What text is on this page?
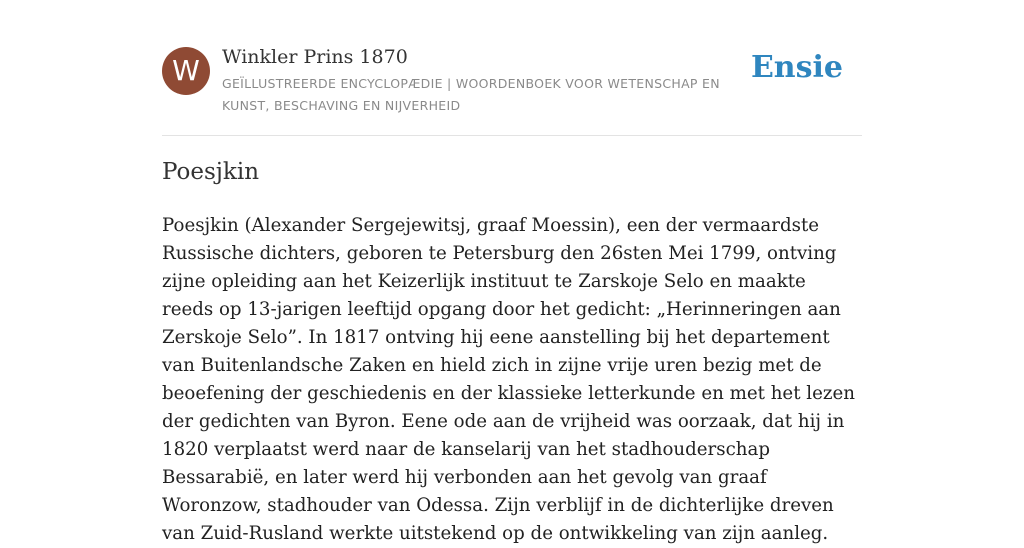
W	Winkler Prins 1870
GEÏLLUSTREERDE ENCYCLOPÆDIE | WOORDENBOEK VOOR WETENSCHAP EN KUNST, BESCHAVING EN NIJVERHEID
Ensie
Poesjkin

Poesjkin (Alexander Sergejewitsj, graaf Moessin), een der vermaardste Russische dichters, geboren te Petersburg den 26sten Mei 1799, ontving zijne opleiding aan het Keizerlijk instituut te Zarskoje Selo en maakte reeds op 13-jarigen leeftijd opgang door het gedicht: „Herinneringen aan Zerskoje Selo”. In 1817 ontving hij eene aanstelling bij het departement van Buitenlandsche Zaken en hield zich in zijne vrije uren bezig met de beoefening der geschiedenis en der klassieke letterkunde en met het lezen der gedichten van Byron. Eene ode aan de vrijheid was oorzaak, dat hij in 1820 verplaatst werd naar de kanselarij van het stadhouderschap Bessarabië, en later werd hij verbonden aan het gevolg van graaf Woronzow, stadhouder van Odessa. Zijn verblijf in de dichterlijke dreven van Zuid-Rusland werkte uitstekend op de ontwikkeling van zijn aanleg.
